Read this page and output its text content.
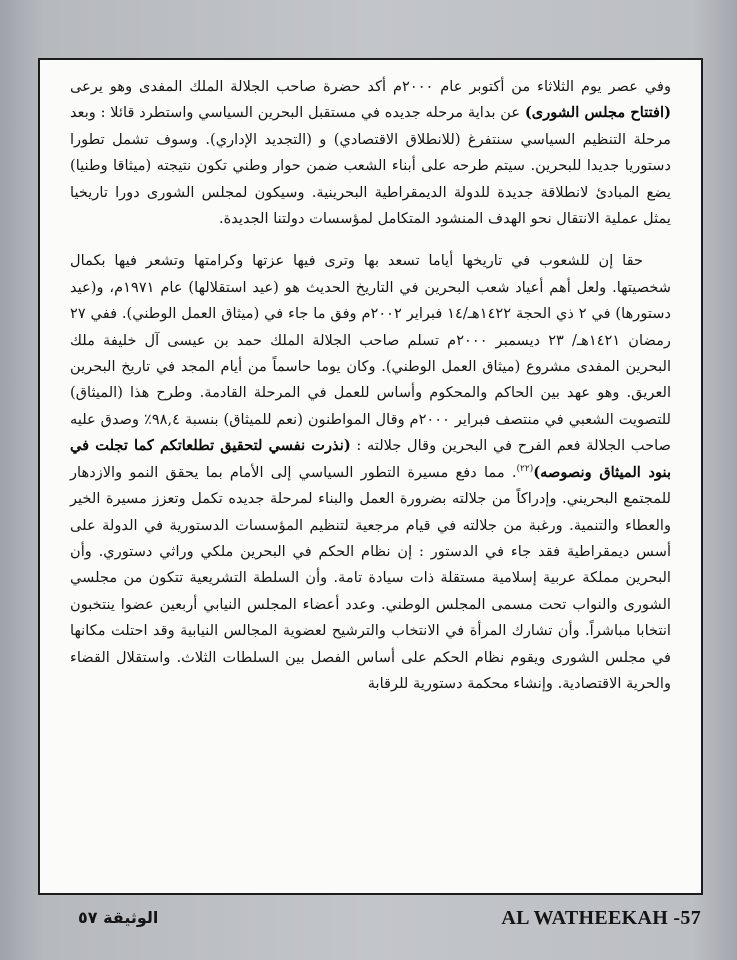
وفي عصر يوم الثلاثاء من أكتوبر عام ٢٠٠٠م أكد حضرة صاحب الجلالة الملك المفدى وهو يرعى (افتتاح مجلس الشورى) عن بداية مرحله جديده في مستقبل البحرين السياسي واستطرد قائلا : وبعد مرحلة التنظيم السياسي سنتفرغ (للانطلاق الاقتصادي) و (التجديد الإداري). وسوف تشمل تطورا دستوريا جديدا للبحرين. سيتم طرحه على أبناء الشعب ضمن حوار وطني تكون نتيجته (ميثاقا وطنيا) يضع المبادئ لانطلاقة جديدة للدولة الديمقراطية البحرينية. وسيكون لمجلس الشورى دورا تاريخيا يمثل عملية الانتقال نحو الهدف المنشود المتكامل لمؤسسات دولتنا الجديدة.

حقا إن للشعوب في تاريخها أياما تسعد بها وترى فيها عزتها وكرامتها وتشعر فيها بكمال شخصيتها. ولعل أهم أعياد شعب البحرين في التاريخ الحديث هو (عيد استقلالها) عام ١٩٧١م، و(عيد دستورها) في ٢ ذي الحجة ١٤٢٢هـ/١٤ فبراير ٢٠٠٢م وفق ما جاء في (ميثاق العمل الوطني). ففي ٢٧ رمضان ١٤٢١هـ/ ٢٣ ديسمبر ٢٠٠٠م تسلم صاحب الجلالة الملك حمد بن عيسى آل خليفة ملك البحرين المفدى مشروع (ميثاق العمل الوطني). وكان يوما حاسماً من أيام المجد في تاريخ البحرين العريق. وهو عهد بين الحاكم والمحكوم وأساس للعمل في المرحلة القادمة. وطرح هذا (الميثاق) للتصويت الشعبي في منتصف فبراير ٢٠٠٠م وقال المواطنون (نعم للميثاق) بنسبة ٩٨,٤٪ وصدق عليه صاحب الجلالة فعم الفرح في البحرين وقال جلالته : (نذرت نفسي لتحقيق تطلعاتكم كما تجلت في بنود الميثاق ونصوصه)$^{(٢٢)}$. مما دفع مسيرة التطور السياسي إلى الأمام بما يحقق النمو والازدهار للمجتمع البحريني. وإدراكاً من جلالته بضرورة العمل والبناء لمرحلة جديده تكمل وتعزز مسيرة الخير والعطاء والتنمية. ورغبة من جلالته في قيام مرجعية لتنظيم المؤسسات الدستورية في الدولة على أسس ديمقراطية فقد جاء في الدستور : إن نظام الحكم في البحرين ملكي وراثي دستوري. وأن البحرين مملكة عربية إسلامية مستقلة ذات سيادة تامة. وأن السلطة التشريعية تتكون من مجلسي الشورى والنواب تحت مسمى المجلس الوطني. وعدد أعضاء المجلس النيابي أربعين عضوا ينتخبون انتخابا مباشراً. وأن تشارك المرأة في الانتخاب والترشيح لعضوية المجالس النيابية وقد احتلت مكانها في مجلس الشورى ويقوم نظام الحكم على أساس الفصل بين السلطات الثلاث. واستقلال القضاء والحرية الاقتصادية. وإنشاء محكمة دستورية للرقابة

الوثيقة ٥٧	AL WATHEEKAH -57
